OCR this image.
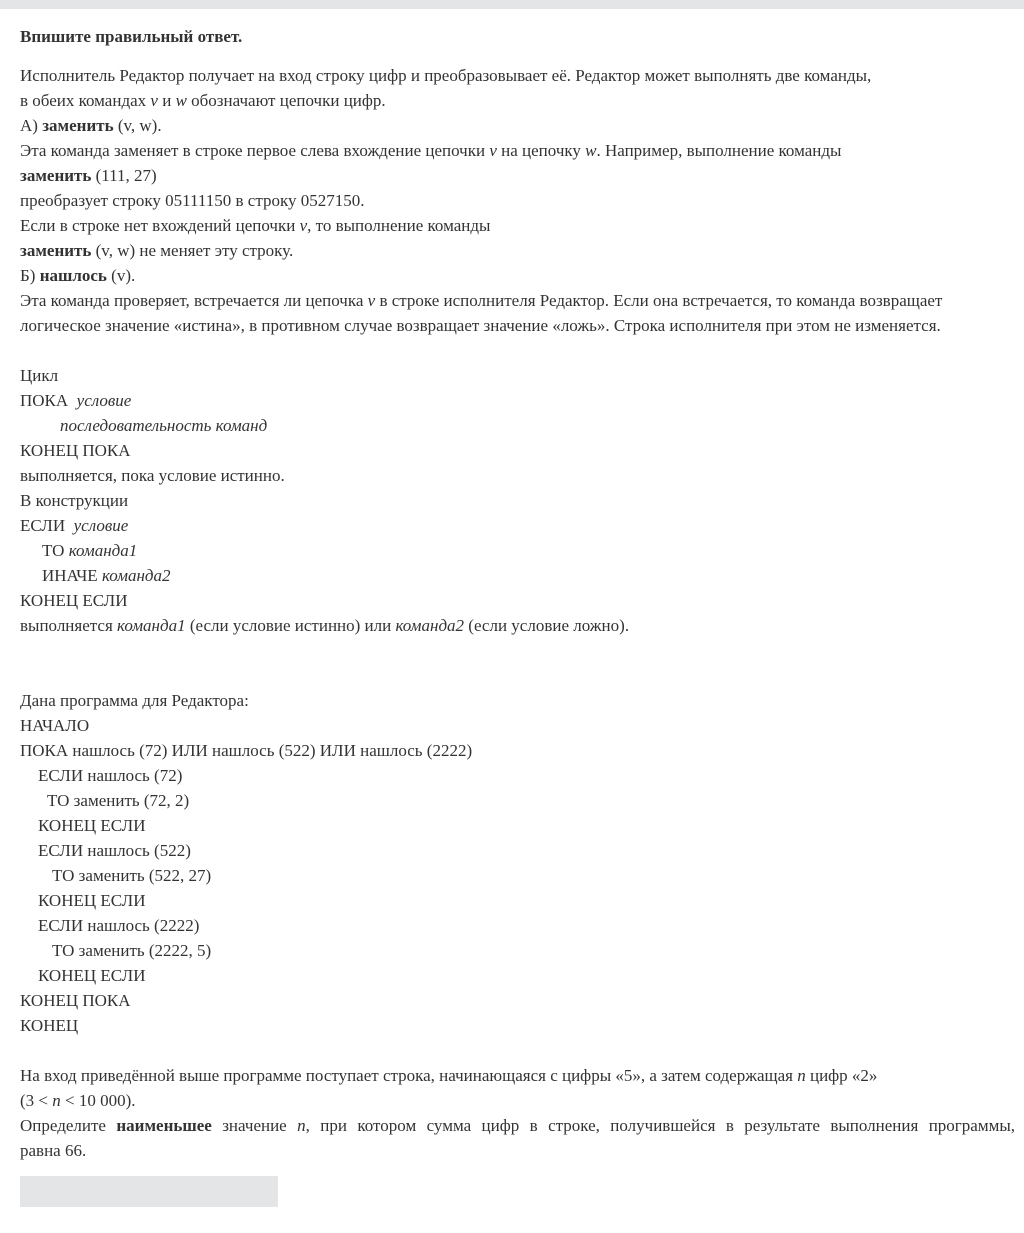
Впишите правильный ответ.
Исполнитель Редактор получает на вход строку цифр и преобразовывает её. Редактор может выполнять две команды,
в обеих командах v и w обозначают цепочки цифр.
А) заменить (v, w).
Эта команда заменяет в строке первое слева вхождение цепочки v на цепочку w. Например, выполнение команды
заменить (111, 27)
преобразует строку 05111150 в строку 0527150.
Если в строке нет вхождений цепочки v, то выполнение команды
заменить (v, w) не меняет эту строку.
Б) нашлось (v).
Эта команда проверяет, встречается ли цепочка v в строке исполнителя Редактор. Если она встречается, то команда возвращает
логическое значение «истина», в противном случае возвращает значение «ложь». Строка исполнителя при этом не изменяется.
Цикл
ПОКА условие
последовательность команд
КОНЕЦ ПОКА
выполняется, пока условие истинно.
В конструкции
ЕСЛИ условие
ТО команда1
ИНАЧЕ команда2
КОНЕЦ ЕСЛИ
выполняется команда1 (если условие истинно) или команда2 (если условие ложно).
Дана программа для Редактора:
НАЧАЛО
ПОКА нашлось (72) ИЛИ нашлось (522) ИЛИ нашлось (2222)
ЕСЛИ нашлось (72)
ТО заменить (72, 2)
КОНЕЦ ЕСЛИ
ЕСЛИ нашлось (522)
ТО заменить (522, 27)
КОНЕЦ ЕСЛИ
ЕСЛИ нашлось (2222)
ТО заменить (2222, 5)
КОНЕЦ ЕСЛИ
КОНЕЦ ПОКА
КОНЕЦ
На вход приведённой выше программе поступает строка, начинающаяся с цифры «5», а затем содержащая n цифр «2»
(3 < n < 10 000).
Определите наименьшее значение n, при котором сумма цифр в строке, получившейся в результате выполнения программы,
равна 66.
